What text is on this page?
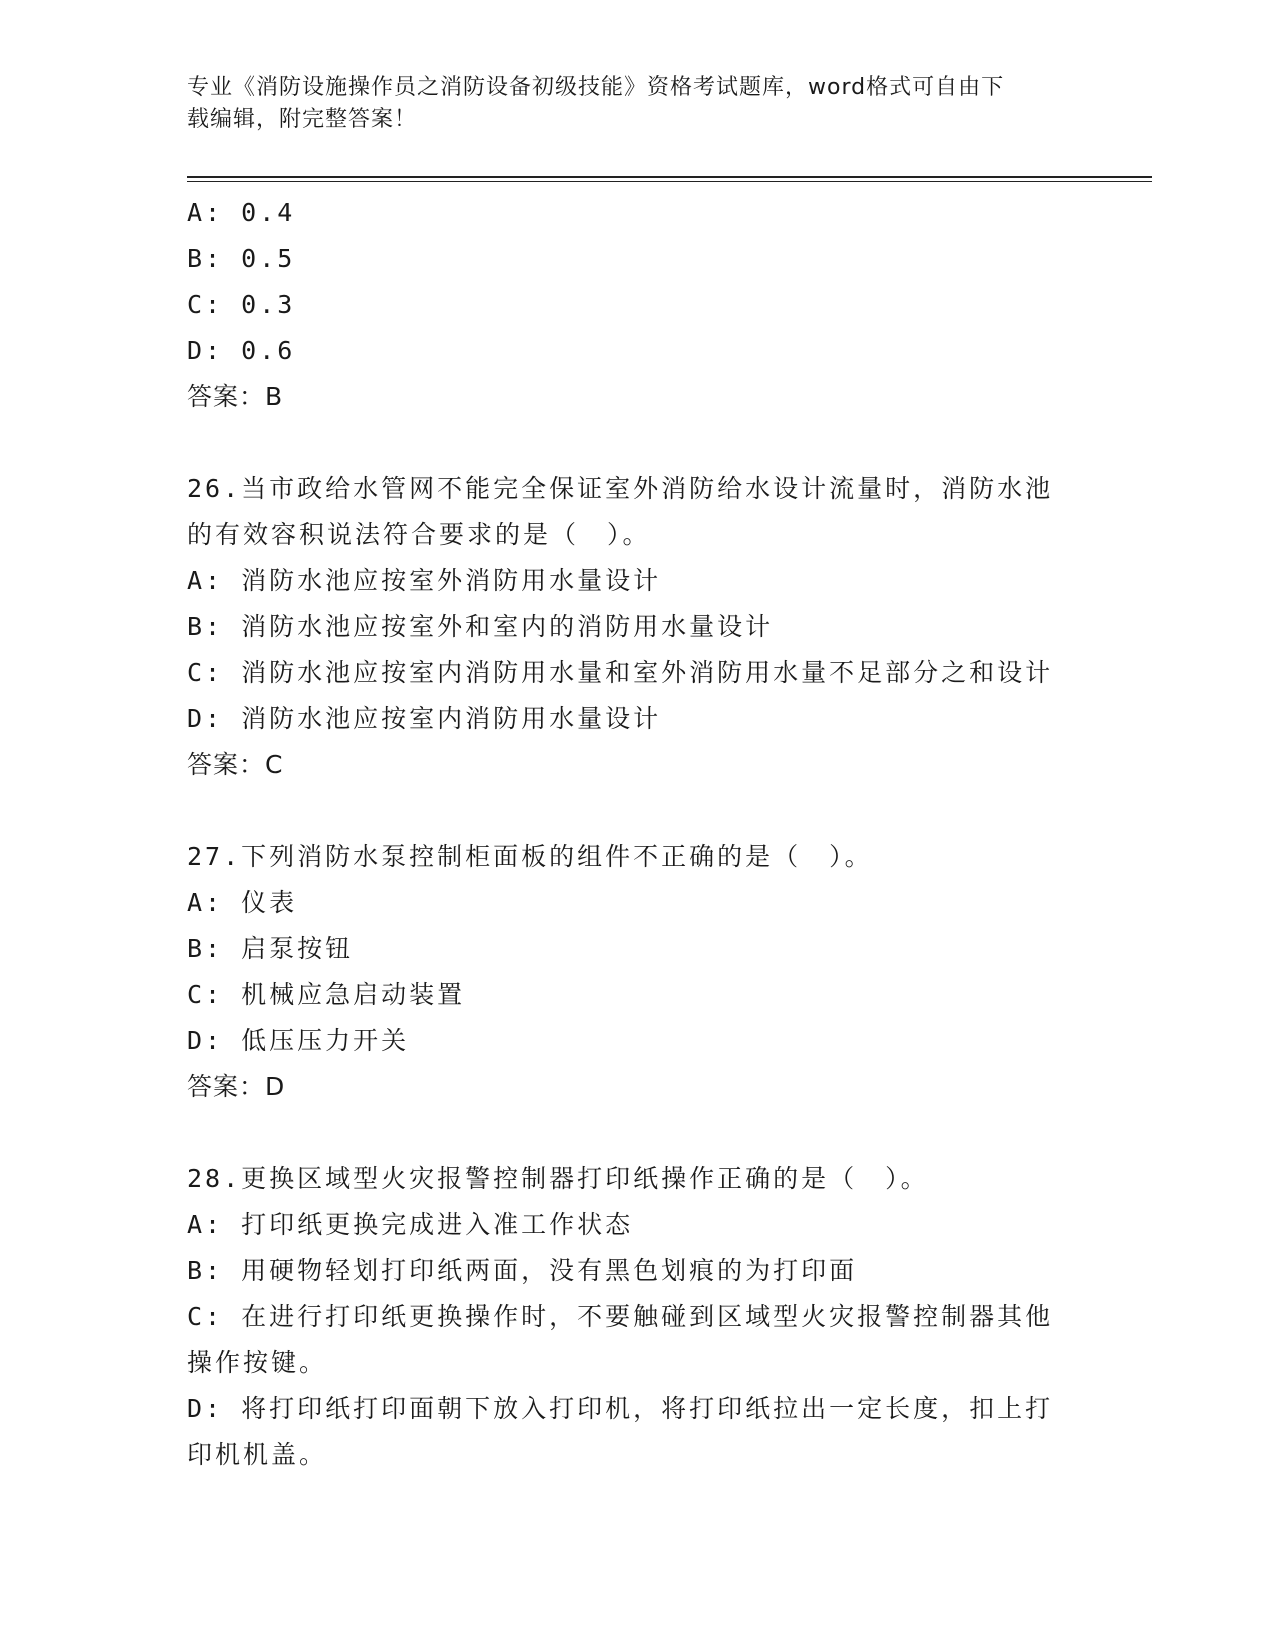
专业《消防设施操作员之消防设备初级技能》资格考试题库，word格式可自由下
载编辑，附完整答案！

A: 0.4

B: 0.5

C: 0.3

D: 0.6

答案：B

26.当市政给水管网不能完全保证室外消防给水设计流量时，消防水池

的有效容积说法符合要求的是（　）。

A: 消防水池应按室外消防用水量设计

B: 消防水池应按室外和室内的消防用水量设计

C: 消防水池应按室内消防用水量和室外消防用水量不足部分之和设计

D: 消防水池应按室内消防用水量设计

答案：C

27.下列消防水泵控制柜面板的组件不正确的是（　）。

A: 仪表

B: 启泵按钮

C: 机械应急启动装置

D: 低压压力开关

答案：D

28.更换区域型火灾报警控制器打印纸操作正确的是（　）。

A: 打印纸更换完成进入准工作状态

B: 用硬物轻划打印纸两面，没有黑色划痕的为打印面

C: 在进行打印纸更换操作时，不要触碰到区域型火灾报警控制器其他

操作按键。

D: 将打印纸打印面朝下放入打印机，将打印纸拉出一定长度，扣上打

印机机盖。
